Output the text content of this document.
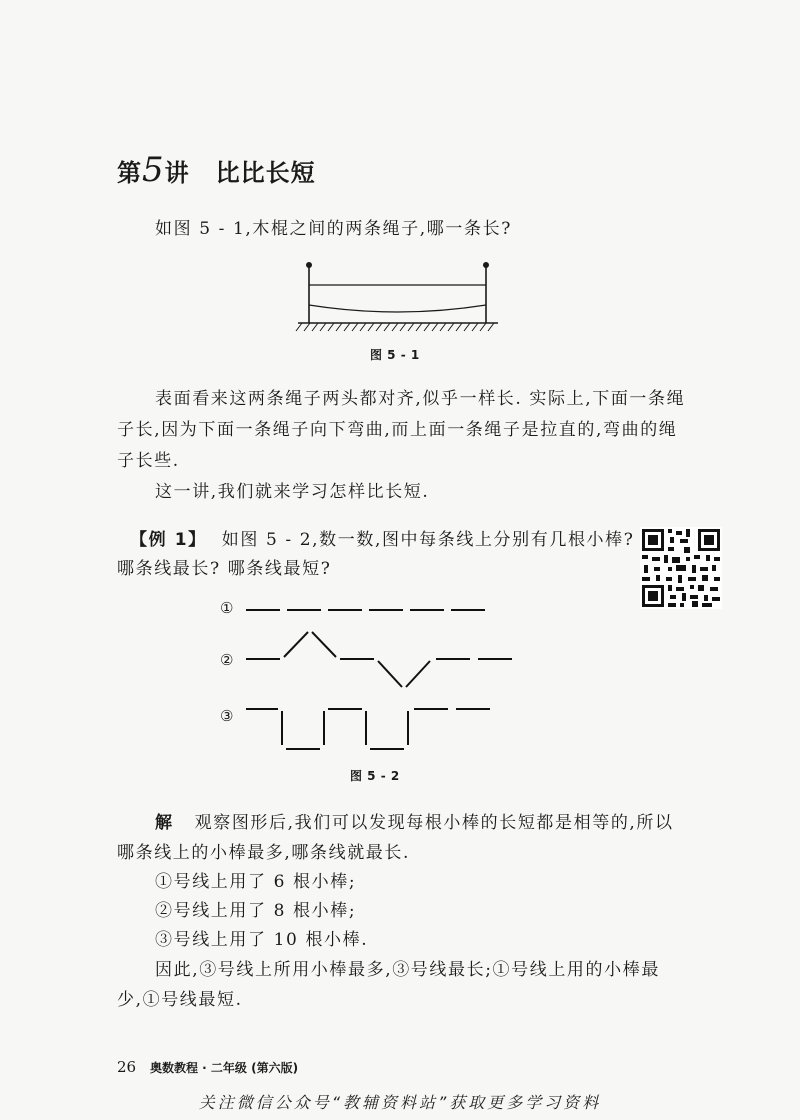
第5讲 比比长短
如图 5 - 1,木棍之间的两条绳子,哪一条长?
图 5 - 1
表面看来这两条绳子两头都对齐,似乎一样长. 实际上,下面一条绳
子长,因为下面一条绳子向下弯曲,而上面一条绳子是拉直的,弯曲的绳
子长些.
这一讲,我们就来学习怎样比长短.
【例 1】 如图 5 - 2,数一数,图中每条线上分别有几根小棒?
哪条线最长? 哪条线最短?
①
②
③
图 5 - 2
解 观察图形后,我们可以发现每根小棒的长短都是相等的,所以
哪条线上的小棒最多,哪条线就最长.
①号线上用了 6 根小棒;
②号线上用了 8 根小棒;
③号线上用了 10 根小棒.
因此,③号线上所用小棒最多,③号线最长;①号线上用的小棒最
少,①号线最短.
26 奥数教程 · 二年级 (第六版)
关注微信公众号“教辅资料站”获取更多学习资料
